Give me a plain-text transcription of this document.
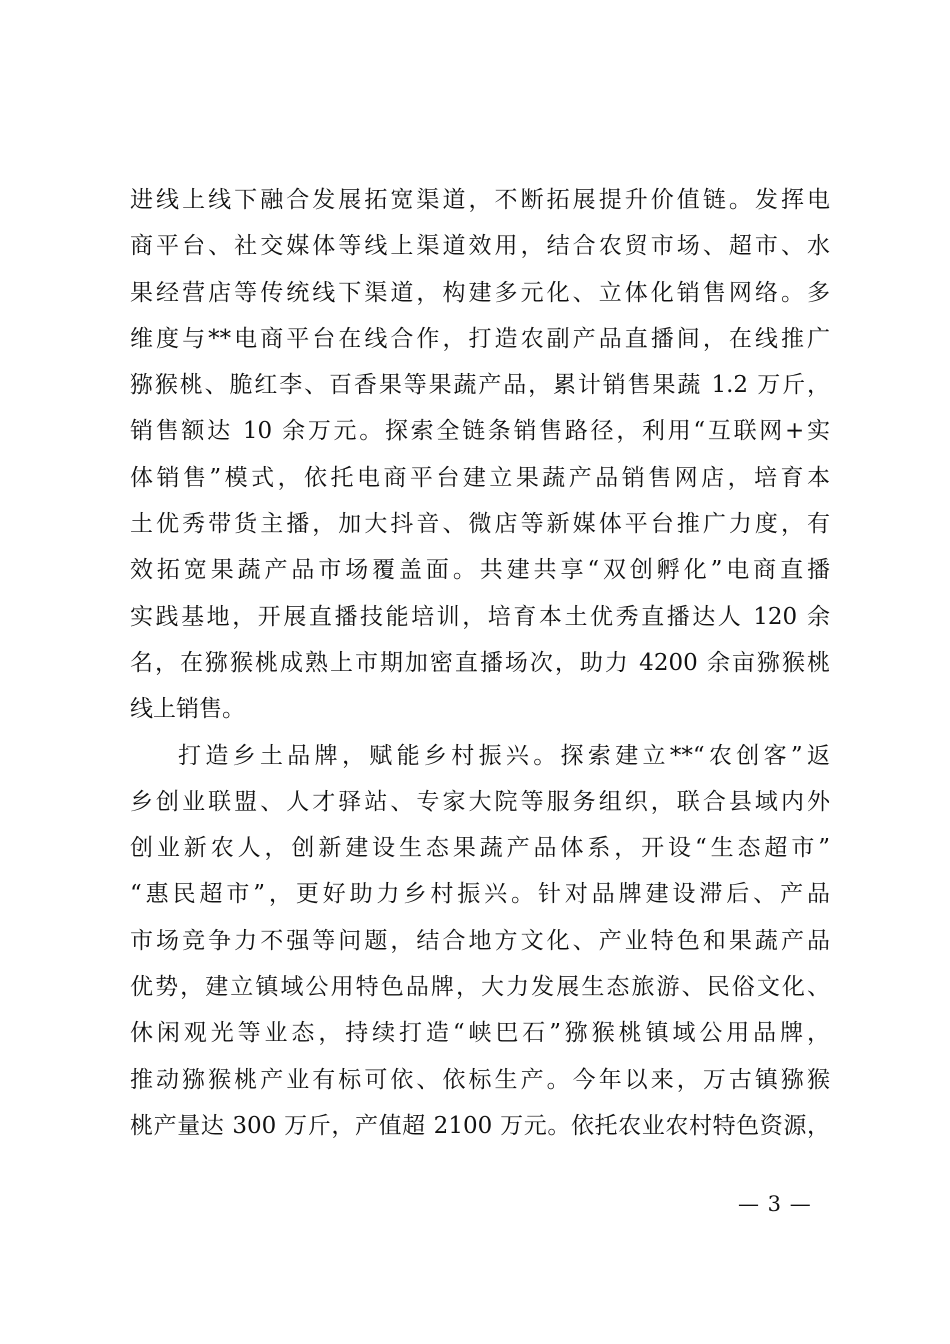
进线上线下融合发展拓宽渠道，不断拓展提升价值链。发挥电
商平台、社交媒体等线上渠道效用，结合农贸市场、超市、水
果经营店等传统线下渠道，构建多元化、立体化销售网络。多
维度与**电商平台在线合作，打造农副产品直播间，在线推广
猕猴桃、脆红李、百香果等果蔬产品，累计销售果蔬 1.2 万斤，
销售额达 10 余万元。探索全链条销售路径，利用“互联网+实
体销售”模式，依托电商平台建立果蔬产品销售网店，培育本
土优秀带货主播，加大抖音、微店等新媒体平台推广力度，有
效拓宽果蔬产品市场覆盖面。共建共享“双创孵化”电商直播
实践基地，开展直播技能培训，培育本土优秀直播达人 120 余
名，在猕猴桃成熟上市期加密直播场次，助力 4200 余亩猕猴桃
线上销售。
打造乡土品牌，赋能乡村振兴。探索建立**“农创客”返
乡创业联盟、人才驿站、专家大院等服务组织，联合县域内外
创业新农人，创新建设生态果蔬产品体系，开设“生态超市”
“惠民超市”，更好助力乡村振兴。针对品牌建设滞后、产品
市场竞争力不强等问题，结合地方文化、产业特色和果蔬产品
优势，建立镇域公用特色品牌，大力发展生态旅游、民俗文化、
休闲观光等业态，持续打造“峡巴石”猕猴桃镇域公用品牌，
推动猕猴桃产业有标可依、依标生产。今年以来，万古镇猕猴
桃产量达 300 万斤，产值超 2100 万元。依托农业农村特色资源，
— 3 —
